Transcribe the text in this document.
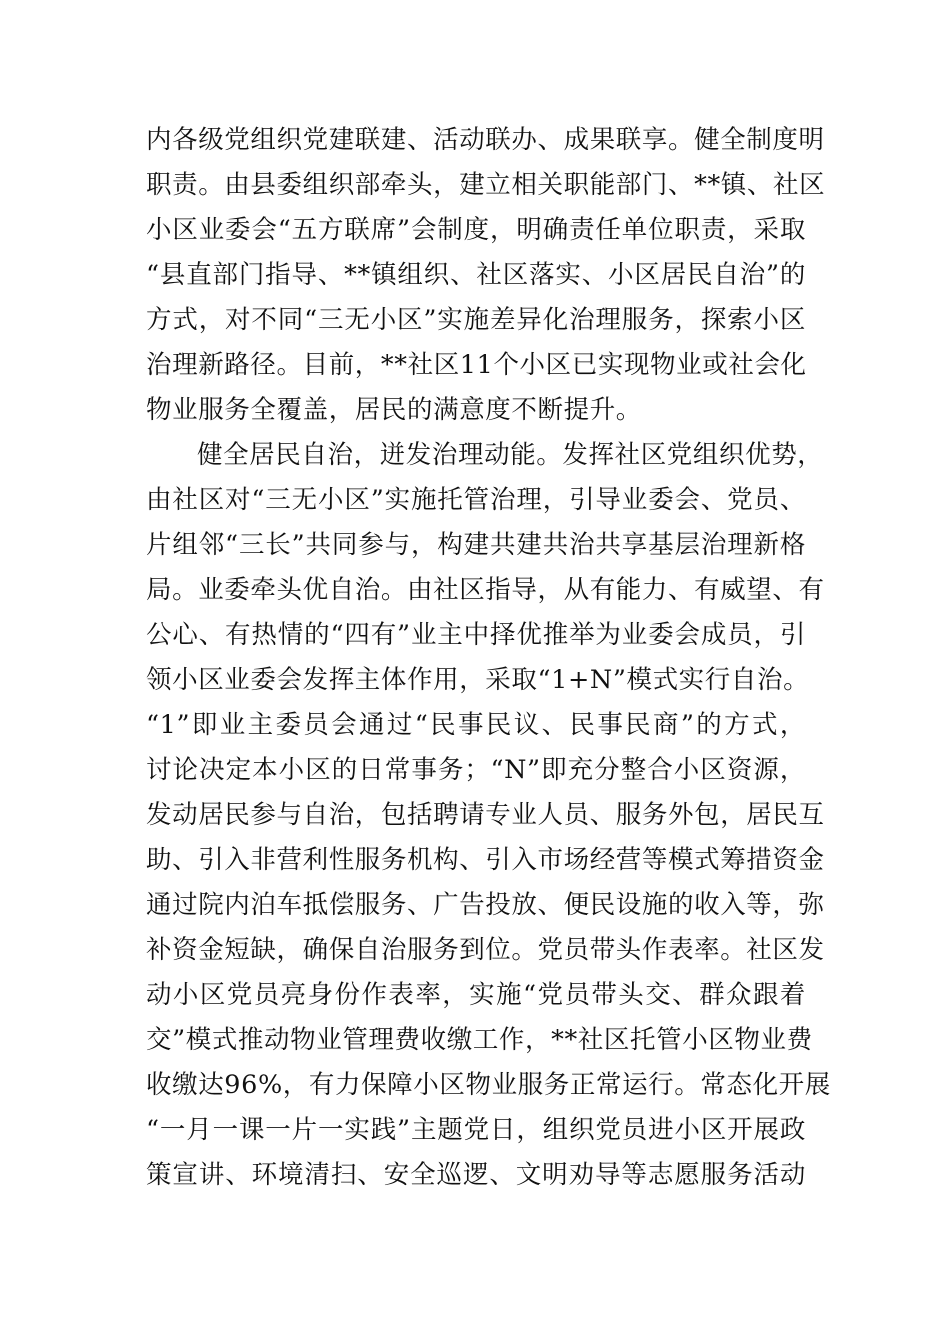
内各级党组织党建联建、活动联办、成果联享。健全制度明
职责。由县委组织部牵头，建立相关职能部门、**镇、社区
小区业委会“五方联席”会制度，明确责任单位职责，采取
“县直部门指导、**镇组织、社区落实、小区居民自治”的
方式，对不同“三无小区”实施差异化治理服务，探索小区
治理新路径。目前，**社区11个小区已实现物业或社会化
物业服务全覆盖，居民的满意度不断提升。
健全居民自治，迸发治理动能。发挥社区党组织优势，
由社区对“三无小区”实施托管治理，引导业委会、党员、
片组邻“三长”共同参与，构建共建共治共享基层治理新格
局。业委牵头优自治。由社区指导，从有能力、有威望、有
公心、有热情的“四有”业主中择优推举为业委会成员，引
领小区业委会发挥主体作用，采取“1+N”模式实行自治。
“1”即业主委员会通过“民事民议、民事民商”的方式，
讨论决定本小区的日常事务；“N”即充分整合小区资源，
发动居民参与自治，包括聘请专业人员、服务外包，居民互
助、引入非营利性服务机构、引入市场经营等模式筹措资金
通过院内泊车抵偿服务、广告投放、便民设施的收入等，弥
补资金短缺，确保自治服务到位。党员带头作表率。社区发
动小区党员亮身份作表率，实施“党员带头交、群众跟着
交”模式推动物业管理费收缴工作，**社区托管小区物业费
收缴达96%，有力保障小区物业服务正常运行。常态化开展
“一月一课一片一实践”主题党日，组织党员进小区开展政
策宣讲、环境清扫、安全巡逻、文明劝导等志愿服务活动
